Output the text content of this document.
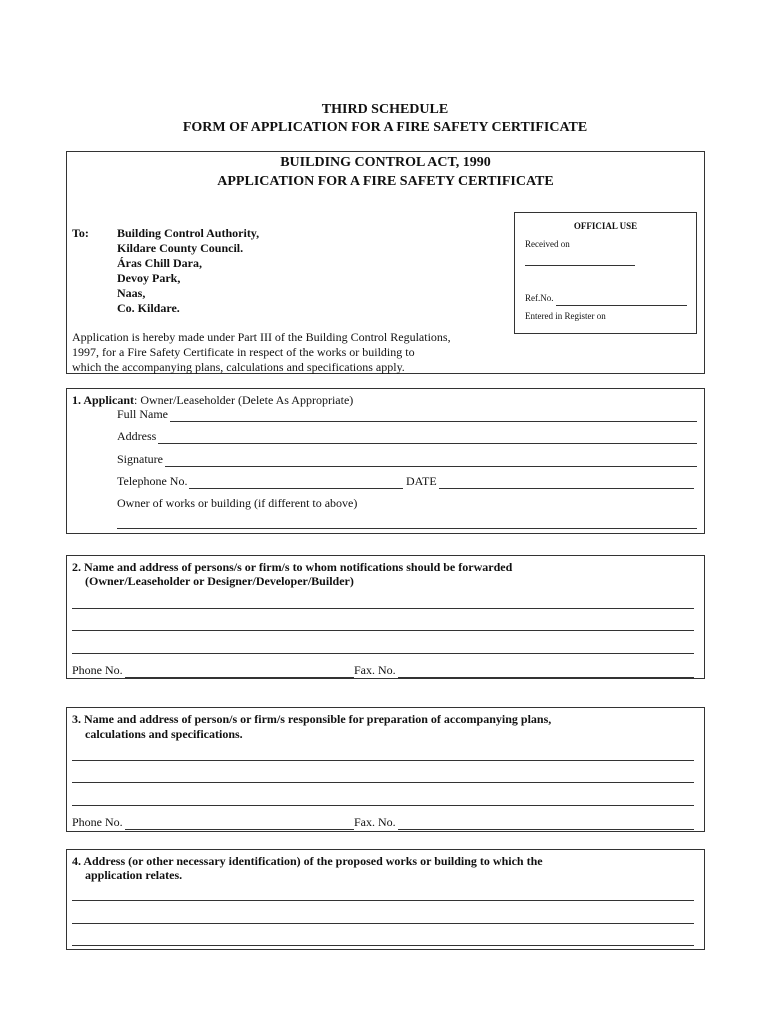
THIRD SCHEDULE
FORM OF APPLICATION FOR A FIRE SAFETY CERTIFICATE
BUILDING CONTROL ACT, 1990
APPLICATION FOR A FIRE SAFETY CERTIFICATE
To: Building Control Authority,
Kildare County Council.
Áras Chill Dara,
Devoy Park,
Naas,
Co. Kildare.
Application is hereby made under Part III of the Building Control Regulations,
1997, for a Fire Safety Certificate in respect of the works or building to
which the accompanying plans, calculations and specifications apply.
OFFICIAL USE
Received on
Ref.No.
Entered in Register on
1. Applicant: Owner/Leaseholder (Delete As Appropriate)
Full Name
Address
Signature
Telephone No.	DATE
Owner of works or building (if different to above)
2. Name and address of persons/s or firm/s to whom notifications should be forwarded
(Owner/Leaseholder or Designer/Developer/Builder)
Phone No.	Fax. No.
3. Name and address of person/s or firm/s responsible for preparation of accompanying plans,
calculations and specifications.
Phone No.	Fax. No.
4. Address (or other necessary identification) of the proposed works or building to which the
application relates.
